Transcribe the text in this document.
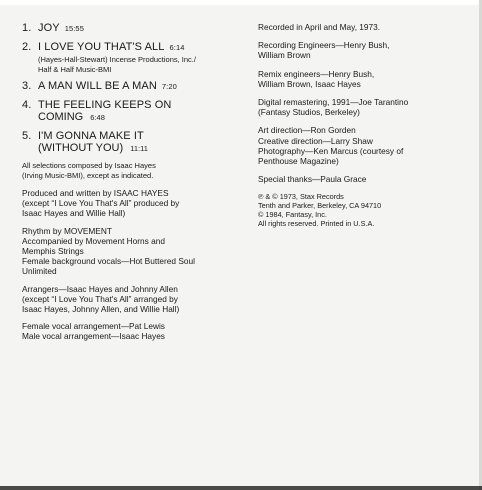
1. JOY 15:55
2. I LOVE YOU THAT'S ALL 6:14
(Hayes-Hall-Stewart) Incense Productions, Inc./
Half & Half Music-BMI
3. A MAN WILL BE A MAN 7:20
4. THE FEELING KEEPS ON
COMING 6:48
5. I'M GONNA MAKE IT
(WITHOUT YOU) 11:11
All selections composed by Isaac Hayes
(Irving Music-BMI), except as indicated.
Produced and written by ISAAC HAYES
(except “I Love You That's All” produced by
Isaac Hayes and Willie Hall)
Rhythm by MOVEMENT
Accompanied by Movement Horns and
Memphis Strings
Female background vocals—Hot Buttered Soul
Unlimited
Arrangers—Isaac Hayes and Johnny Allen
(except “I Love You That's All” arranged by
Isaac Hayes, Johnny Allen, and Willie Hall)
Female vocal arrangement—Pat Lewis
Male vocal arrangement—Isaac Hayes
Recorded in April and May, 1973.
Recording Engineers—Henry Bush,
William Brown
Remix engineers—Henry Bush,
William Brown, Isaac Hayes
Digital remastering, 1991—Joe Tarantino
(Fantasy Studios, Berkeley)
Art direction—Ron Gorden
Creative direction—Larry Shaw
Photography—Ken Marcus (courtesy of
Penthouse Magazine)
Special thanks—Paula Grace
℗ & © 1973, Stax Records
Tenth and Parker, Berkeley, CA 94710
© 1984, Fantasy, Inc.
All rights reserved. Printed in U.S.A.
